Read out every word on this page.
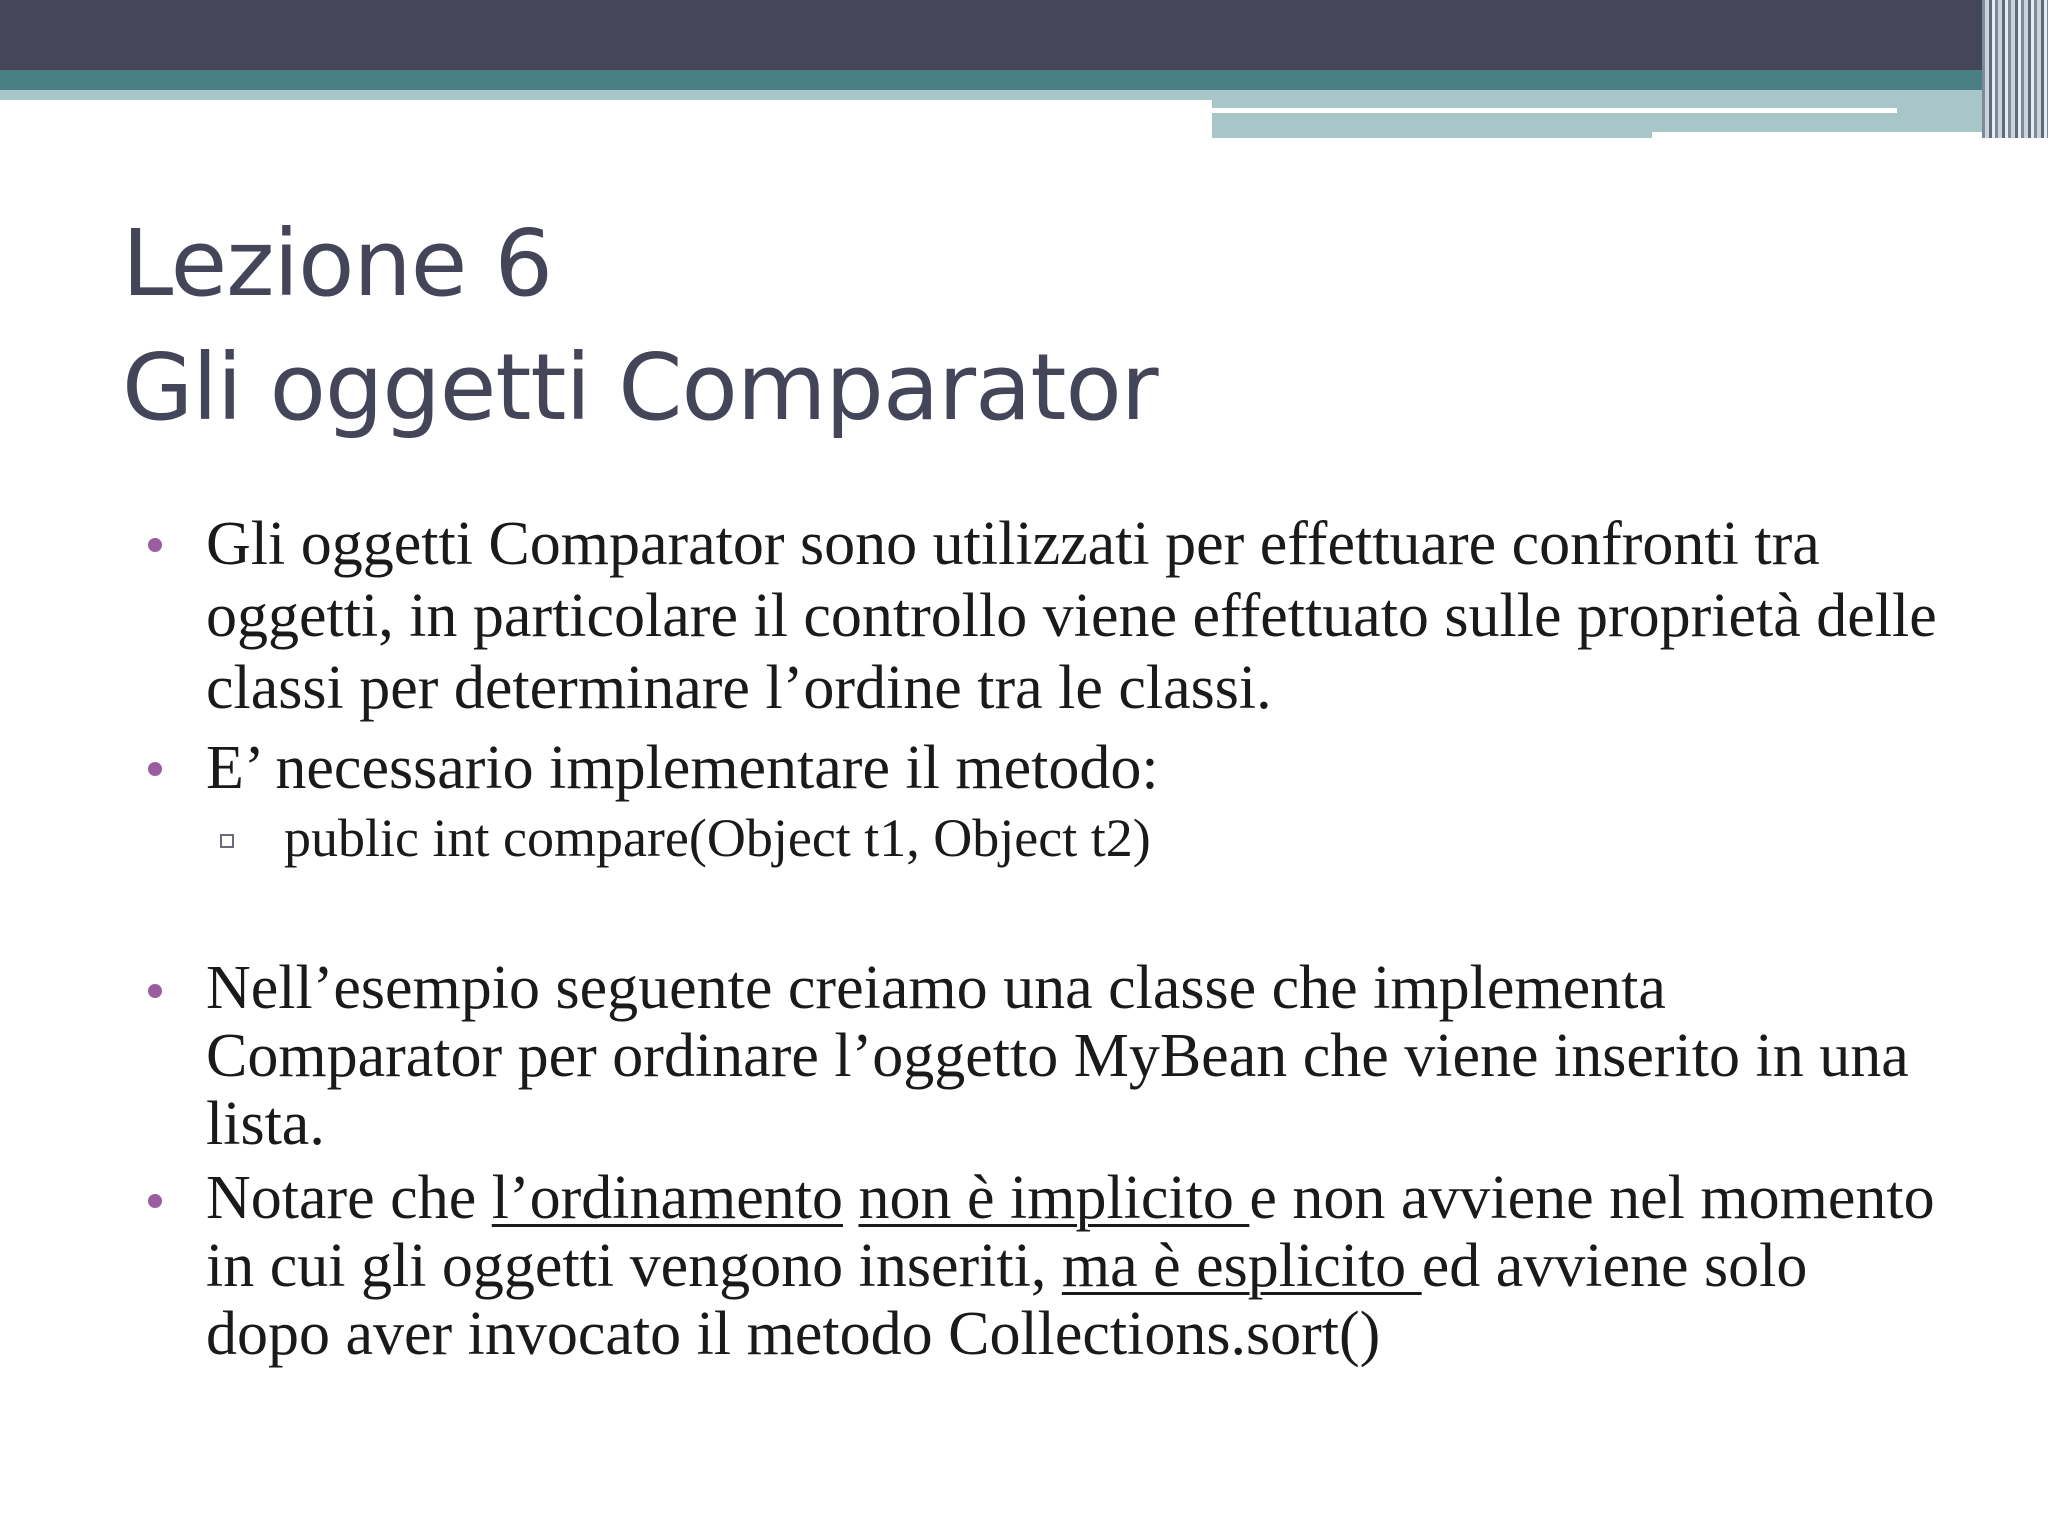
Lezione 6
Gli oggetti Comparator
Gli oggetti Comparator sono utilizzati per effettuare confronti tra oggetti, in particolare il controllo viene effettuato sulle proprietà delle classi per determinare l’ordine tra le classi.
E’ necessario implementare il metodo:
public int compare(Object t1, Object t2)
Nell’esempio seguente creiamo una classe che implementa Comparator per ordinare l’oggetto MyBean che viene inserito in una lista.
Notare che l’ordinamento non è implicito e non avviene nel momento in cui gli oggetti vengono inseriti, ma è esplicito ed avviene solo dopo aver invocato il metodo Collections.sort()
